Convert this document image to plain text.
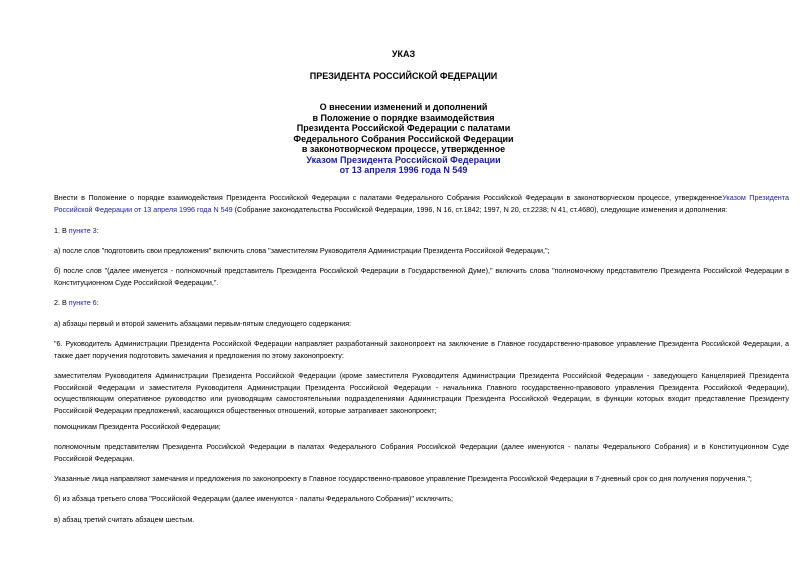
УКАЗ
ПРЕЗИДЕНТА РОССИЙСКОЙ ФЕДЕРАЦИИ
О внесении изменений и дополнений
в Положение о порядке взаимодействия
Президента Российской Федерации с палатами
Федерального Собрания Российской Федерации
в законотворческом процессе, утвержденное
Указом Президента Российской Федерации
от 13 апреля 1996 года N 549
Внести в Положение о порядке взаимодействия Президента Российской Федерации с палатами Федерального Собрания Российской Федерации в законотворческом процессе, утвержденноеУказом Президента Российской Федерации от 13 апреля 1996 года N 549 (Собрание законодательства Российской Федерации, 1996, N 16, ст.1842; 1997, N 20, ст.2238; N 41, ст.4680), следующие изменения и дополнения:
1. В пункте 3:
а) после слов "подготовить свои предложения" включить слова "заместителям Руководителя Администрации Президента Российской Федерации,";
б) после слов "(далее именуется - полномочный представитель Президента Российской Федерации в Государственной Думе)," включить слова "полномочному представителю Президента Российской Федерации в Конституционном Суде Российской Федерации,".
2. В пункте 6:
а) абзацы первый и второй заменить абзацами первым-пятым следующего содержания:
"6. Руководитель Администрации Президента Российской Федерации направляет разработанный законопроект на заключение в Главное государственно-правовое управление Президента Российской Федерации, а также дает поручения подготовить замечания и предложения по этому законопроекту:
заместителям Руководителя Администрации Президента Российской Федерации (кроме заместителя Руководителя Администрации Президента Российской Федерации - заведующего Канцелярией Президента Российской Федерации и заместителя Руководителя Администрации Президента Российской Федерации - начальника Главного государственно-правового управления Президента Российской Федерации), осуществляющим оперативное руководство или руководящим самостоятельными подразделениями Администрации Президента Российской Федерации, в функции которых входит представление Президенту Российской Федерации предложений, касающихся общественных отношений, которые затрагивает законопроект;
помощникам Президента Российской Федерации;
полномочным представителям Президента Российской Федерации в палатах Федерального Собрания Российской Федерации (далее именуются - палаты Федерального Собрания) и в Конституционном Суде Российской Федерации.
Указанные лица направляют замечания и предложения по законопроекту в Главное государственно-правовое управление Президента Российской Федерации в 7-дневный срок со дня получения поручения.";
б) из абзаца третьего слова "Российской Федерации (далее именуются - палаты Федерального Собрания)" исключить;
в) абзац третий считать абзацем шестым.
